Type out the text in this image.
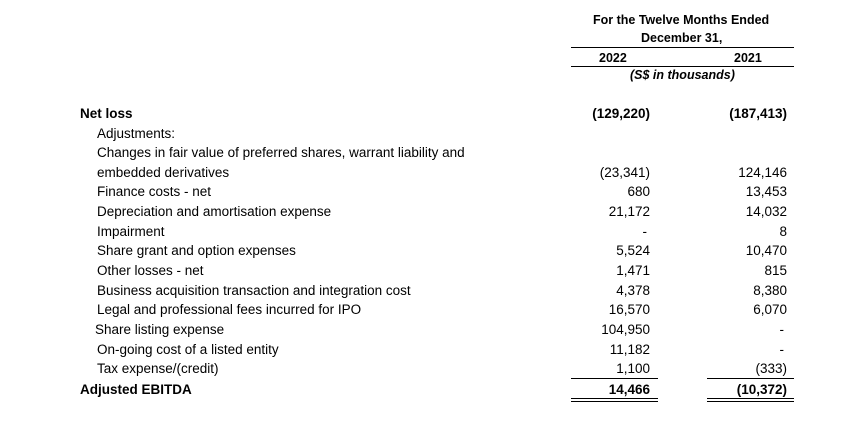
For the Twelve Months Ended
December 31,
2022	2021
(S$ in thousands)
Net loss	(129,220)	(187,413)
Adjustments:
Changes in fair value of preferred shares, warrant liability and
embedded derivatives	(23,341)	124,146
Finance costs - net	680	13,453
Depreciation and amortisation expense	21,172	14,032
Impairment	-	8
Share grant and option expenses	5,524	10,470
Other losses - net	1,471	815
Business acquisition transaction and integration cost	4,378	8,380
Legal and professional fees incurred for IPO	16,570	6,070
Share listing expense	104,950	-
On-going cost of a listed entity	11,182	-
Tax expense/(credit)	1,100	(333)
Adjusted EBITDA	14,466	(10,372)
